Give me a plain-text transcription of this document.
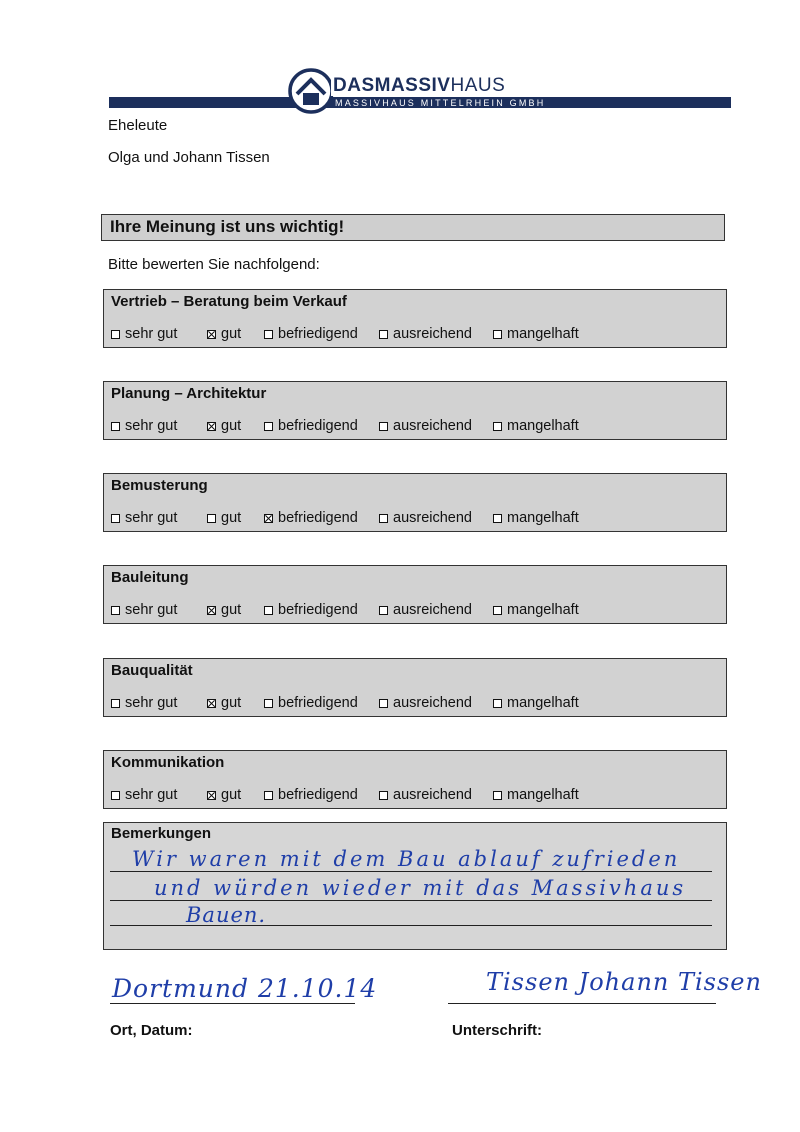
DASMASSIVHAUS
MASSIVHAUS MITTELRHEIN GMBH
Eheleute
Olga und Johann Tissen
Ihre Meinung ist uns wichtig!
Bitte bewerten Sie nachfolgend:
Vertrieb – Beratung beim Verkauf
sehr gut	gut	befriedigend ausreichend mangelhaft
Planung – Architektur
sehr gut	gut	befriedigend ausreichend mangelhaft
Bemusterung
sehr gut	gut	befriedigend ausreichend mangelhaft
Bauleitung
sehr gut	gut	befriedigend ausreichend mangelhaft
Bauqualität
sehr gut	gut	befriedigend ausreichend mangelhaft
Kommunikation
sehr gut	gut	befriedigend ausreichend mangelhaft
Bemerkungen
Wir waren mit dem Bau ablauf zufrieden
und würden wieder mit das Massivhaus
Bauen.
Dortmund 21.10.14
Ort, Datum:
Tissen Johann Tissen
Unterschrift:
